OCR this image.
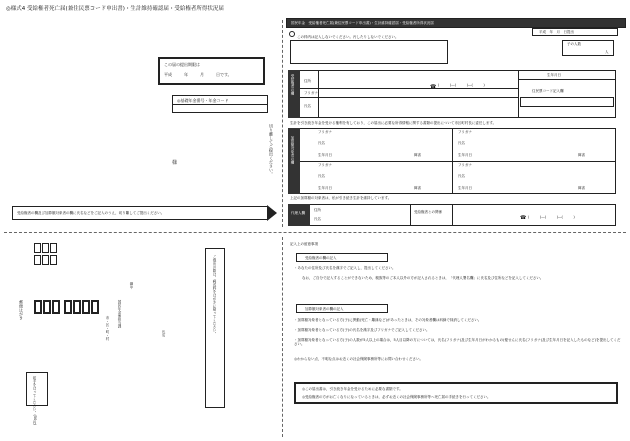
◎様式4 受給権者死亡届(兼住民票コード申出書)・生計維持確認届・受給権者所得状況届
この届の提出期限は
平成　　　年　　　月　　　日です。
◎基礎年金番号・年金コード
様	切り離してご提出ください。
受給権者の欄及び加算額対象者の欄に氏名などをご記入のうえ，切り離してご提出ください。
国民年金　受給権者死亡届(兼住民票コード申出書)・生計維持確認届・受給権者所得状況届
平成　年　月　日提出
子の人数
人
この枠内は記入しないでください。汚したりしないでください。
受給権者の欄	住所
フリガナ
氏名
☎ (　　　)―(　　　)―(　　　)
生年月日
住民票コード記入欄
生計を引き続き年金を受ける権利を有しており，この届出に必要な所得情報に関する書類の提出について市区町村長に委任します。
加算額対象者の欄
フリガナ
氏名
生年月日	障害
フリガナ
氏名
生年月日	障害
フリガナ
氏名
生年月日	障害
フリガナ
氏名
生年月日	障害
上記の加算額の対象者は，私が引き続き生計を維持しています。
代理人欄
住所
氏名
受給権者との関係
☎ (　　　)―(　　　)―(　　　)
郵便はがき
切手をはってください。(50円)
市・区・町・村
国民年金係担当課
御中
氏名	ご提出の際は，郵送料をはがきに貼ってください。
記入上の留意事項
受給権者の欄の記入
・あなたの住所及び氏名を漢字でご記入し，提出してください。
なお，ご自分で記入することができないため，親族等のご本人以外の方が記入されるときは，「代理人署名欄」に氏名及び住所などを記入してください。
加算額対象者の欄の記入
・加算額対象者となっている方(子)に異動(死亡・離縁など)があったときは，その対象者欄は斜線で抹消してください。
・加算額対象者となっている方(子)の氏名を漢字及びフリガナでご記入してください。
・加算額対象者となっている方(子)の人数が5人以上の場合は，5人目以降の方については，氏名(フリガナ)及び生年月日がわかるもの(便せんに氏名(フリガナ)及び生年月日を記入したものなど)を提出してください。
◎わからない点，不明な点はお近くの社会保険事務所等にお問い合わせください。
◎この届出書は，引き続き年金を受けるために必要な書類です。
◎受給権者の方がお亡くなりになっているときは，必ずお近くの社会保険事務所等へ死亡届の手続きを行ってください。
